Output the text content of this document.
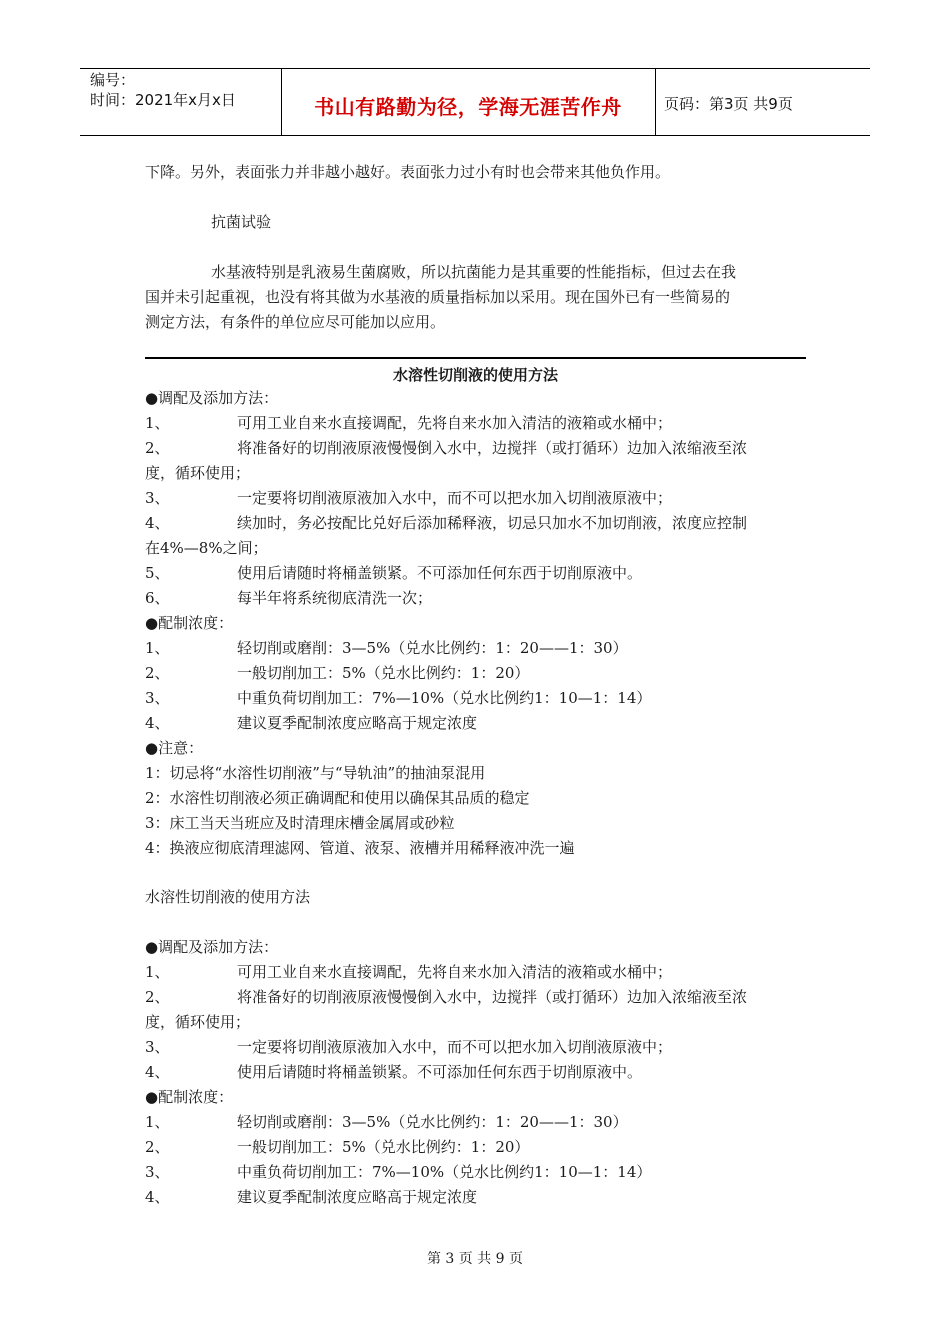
编号：
时间：2021年x月x日	书山有路勤为径，学海无涯苦作舟	页码：第3页 共9页
下降。另外，表面张力并非越小越好。表面张力过小有时也会带来其他负作用。
抗菌试验
水基液特别是乳液易生菌腐败，所以抗菌能力是其重要的性能指标，但过去在我
国并未引起重视，也没有将其做为水基液的质量指标加以采用。现在国外已有一些简易的
测定方法，有条件的单位应尽可能加以应用。
水溶性切削液的使用方法
●调配及添加方法：
1、	可用工业自来水直接调配，先将自来水加入清洁的液箱或水桶中；
2、	将准备好的切削液原液慢慢倒入水中，边搅拌（或打循环）边加入浓缩液至浓
度，循环使用；
3、	一定要将切削液原液加入水中，而不可以把水加入切削液原液中；
4、	续加时，务必按配比兑好后添加稀释液，切忌只加水不加切削液，浓度应控制
在4%—8%之间；
5、	使用后请随时将桶盖锁紧。不可添加任何东西于切削原液中。
6、	每半年将系统彻底清洗一次；
●配制浓度：
1、	轻切削或磨削：3—5%（兑水比例约：1：20——1：30）
2、	一般切削加工：5%（兑水比例约：1：20）
3、	中重负荷切削加工：7%—10%（兑水比例约1：10—1：14）
4、	建议夏季配制浓度应略高于规定浓度
●注意：
1：切忌将“水溶性切削液”与“导轨油”的抽油泵混用
2：水溶性切削液必须正确调配和使用以确保其品质的稳定
3：床工当天当班应及时清理床槽金属屑或砂粒
4：换液应彻底清理滤网、管道、液泵、液槽并用稀释液冲洗一遍
水溶性切削液的使用方法
●调配及添加方法：
1、	可用工业自来水直接调配，先将自来水加入清洁的液箱或水桶中；
2、	将准备好的切削液原液慢慢倒入水中，边搅拌（或打循环）边加入浓缩液至浓
度，循环使用；
3、	一定要将切削液原液加入水中，而不可以把水加入切削液原液中；
4、	使用后请随时将桶盖锁紧。不可添加任何东西于切削原液中。
●配制浓度：
1、	轻切削或磨削：3—5%（兑水比例约：1：20——1：30）
2、	一般切削加工：5%（兑水比例约：1：20）
3、	中重负荷切削加工：7%—10%（兑水比例约1：10—1：14）
4、	建议夏季配制浓度应略高于规定浓度
第 3 页 共 9 页
